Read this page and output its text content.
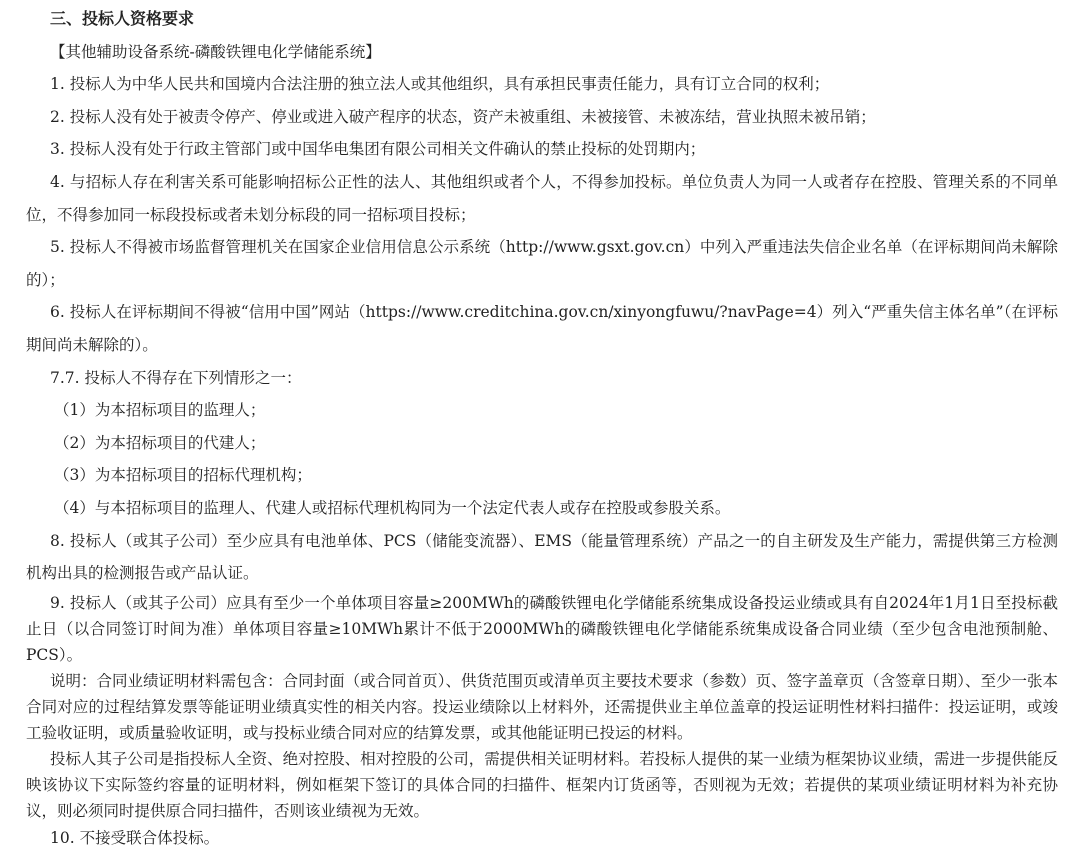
三、投标人资格要求

【其他辅助设备系统-磷酸铁锂电化学储能系统】

1. 投标人为中华人民共和国境内合法注册的独立法人或其他组织，具有承担民事责任能力，具有订立合同的权利；

2. 投标人没有处于被责令停产、停业或进入破产程序的状态，资产未被重组、未被接管、未被冻结，营业执照未被吊销；

3. 投标人没有处于行政主管部门或中国华电集团有限公司相关文件确认的禁止投标的处罚期内；

4. 与招标人存在利害关系可能影响招标公正性的法人、其他组织或者个人，不得参加投标。单位负责人为同一人或者存在控股、管理关系的不同单位，不得参加同一标段投标或者未划分标段的同一招标项目投标；

5. 投标人不得被市场监督管理机关在国家企业信用信息公示系统（http://www.gsxt.gov.cn）中列入严重违法失信企业名单（在评标期间尚未解除的）；

6. 投标人在评标期间不得被“信用中国”网站（https://www.creditchina.gov.cn/xinyongfuwu/?navPage=4）列入“严重失信主体名单”（在评标期间尚未解除的）。

7.7. 投标人不得存在下列情形之一：

（1）为本招标项目的监理人；

（2）为本招标项目的代建人；

（3）为本招标项目的招标代理机构；

（4）与本招标项目的监理人、代建人或招标代理机构同为一个法定代表人或存在控股或参股关系。

8. 投标人（或其子公司）至少应具有电池单体、PCS（储能变流器）、EMS（能量管理系统）产品之一的自主研发及生产能力，需提供第三方检测机构出具的检测报告或产品认证。

9. 投标人（或其子公司）应具有至少一个单体项目容量≥200MWh的磷酸铁锂电化学储能系统集成设备投运业绩或具有自2024年1月1日至投标截止日（以合同签订时间为准）单体项目容量≥10MWh累计不低于2000MWh的磷酸铁锂电化学储能系统集成设备合同业绩（至少包含电池预制舱、PCS）。

说明：合同业绩证明材料需包含：合同封面（或合同首页）、供货范围页或清单页主要技术要求（参数）页、签字盖章页（含签章日期）、至少一张本合同对应的过程结算发票等能证明业绩真实性的相关内容。投运业绩除以上材料外，还需提供业主单位盖章的投运证明性材料扫描件：投运证明，或竣工验收证明，或质量验收证明，或与投标业绩合同对应的结算发票，或其他能证明已投运的材料。

投标人其子公司是指投标人全资、绝对控股、相对控股的公司，需提供相关证明材料。若投标人提供的某一业绩为框架协议业绩，需进一步提供能反映该协议下实际签约容量的证明材料，例如框架下签订的具体合同的扫描件、框架内订货函等，否则视为无效；若提供的某项业绩证明材料为补充协议，则必须同时提供原合同扫描件，否则该业绩视为无效。

10. 不接受联合体投标。
